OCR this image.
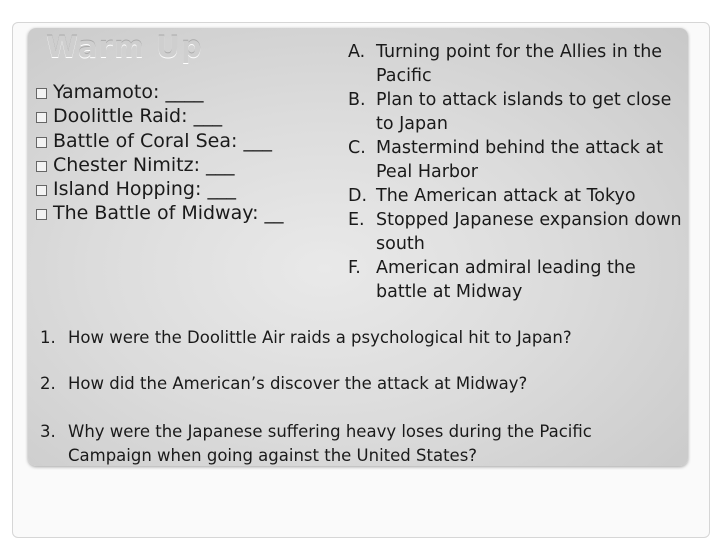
Warm Up
Yamamoto: ____
Doolittle Raid: ___
Battle of Coral Sea: ___
Chester Nimitz: ___
Island Hopping: ___
The Battle of Midway: __
A. Turning point for the Allies in the Pacific
B. Plan to attack islands to get close to Japan
C. Mastermind behind the attack at Peal Harbor
D. The American attack at Tokyo
E. Stopped Japanese expansion down south
F. American admiral leading the battle at Midway
1. How were the Doolittle Air raids a psychological hit to Japan?
2. How did the American’s discover the attack at Midway?
3. Why were the Japanese suffering heavy loses during the Pacific Campaign when going against the United States?
